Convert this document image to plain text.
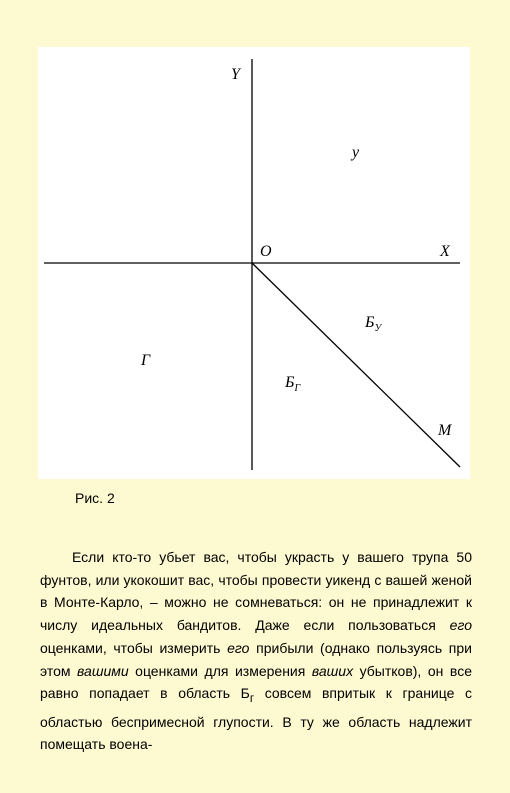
Y
X
O
y
$Б_У$
Г
$Б_Г$
M

Рис. 2

Если кто-то убьет вас, чтобы украсть у вашего трупа 50 фунтов, или укокошит вас, чтобы провести уикенд с вашей женой в Монте-Карло, – можно не сомневаться: он не принадлежит к числу идеальных бандитов. Даже если пользоваться его оценками, чтобы измерить его прибыли (однако пользуясь при этом вашими оценками для измерения ваших убытков), он все равно попадает в область $Б_г$ совсем впритык к границе с областью беспримесной глупости. В ту же область надлежит помещать воена-
